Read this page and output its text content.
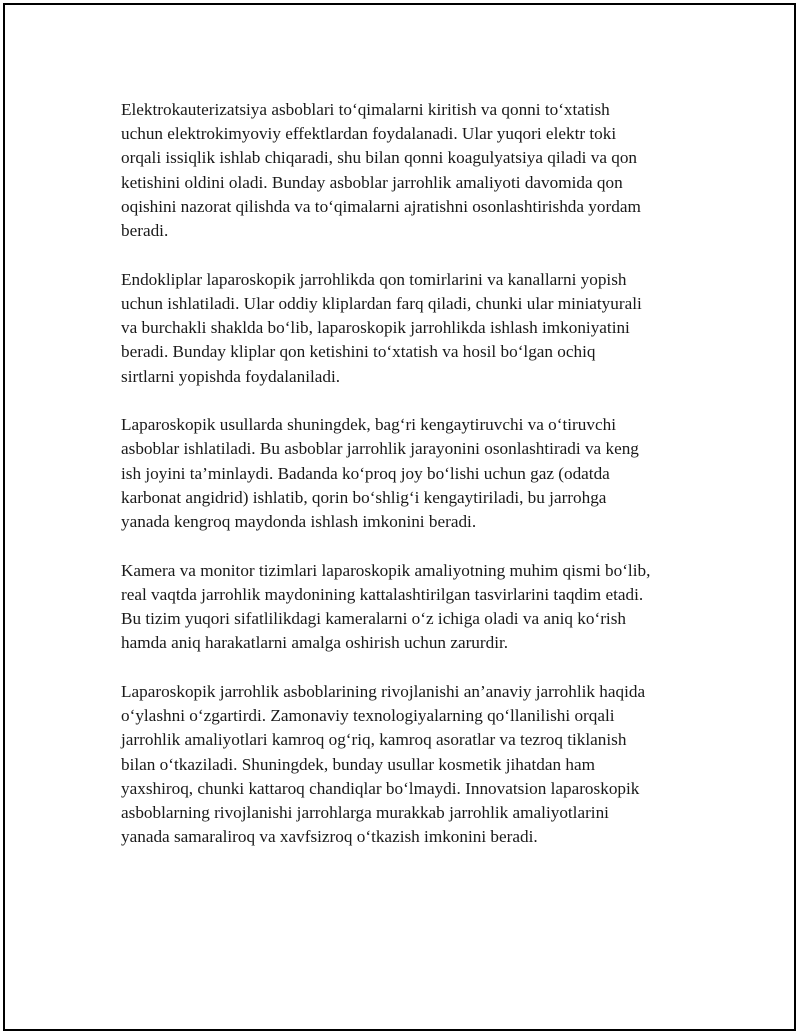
Elektrokauterizatsiya asboblari to‘qimalarni kiritish va qonni to‘xtatish
uchun elektrokimyoviy effektlardan foydalanadi. Ular yuqori elektr toki
orqali issiqlik ishlab chiqaradi, shu bilan qonni koagulyatsiya qiladi va qon
ketishini oldini oladi. Bunday asboblar jarrohlik amaliyoti davomida qon
oqishini nazorat qilishda va to‘qimalarni ajratishni osonlashtirishda yordam
beradi.

Endokliplar laparoskopik jarrohlikda qon tomirlarini va kanallarni yopish
uchun ishlatiladi. Ular oddiy kliplardan farq qiladi, chunki ular miniatyurali
va burchakli shaklda bo‘lib, laparoskopik jarrohlikda ishlash imkoniyatini
beradi. Bunday kliplar qon ketishini to‘xtatish va hosil bo‘lgan ochiq
sirtlarni yopishda foydalaniladi.

Laparoskopik usullarda shuningdek, bag‘ri kengaytiruvchi va o‘tiruvchi
asboblar ishlatiladi. Bu asboblar jarrohlik jarayonini osonlashtiradi va keng
ish joyini ta’minlaydi. Badanda ko‘proq joy bo‘lishi uchun gaz (odatda
karbonat angidrid) ishlatib, qorin bo‘shlig‘i kengaytiriladi, bu jarrohga
yanada kengroq maydonda ishlash imkonini beradi.

Kamera va monitor tizimlari laparoskopik amaliyotning muhim qismi bo‘lib,
real vaqtda jarrohlik maydonining kattalashtirilgan tasvirlarini taqdim etadi.
Bu tizim yuqori sifatlilikdagi kameralarni o‘z ichiga oladi va aniq ko‘rish
hamda aniq harakatlarni amalga oshirish uchun zarurdir.

Laparoskopik jarrohlik asboblarining rivojlanishi an’anaviy jarrohlik haqida
o‘ylashni o‘zgartirdi. Zamonaviy texnologiyalarning qo‘llanilishi orqali
jarrohlik amaliyotlari kamroq og‘riq, kamroq asoratlar va tezroq tiklanish
bilan o‘tkaziladi. Shuningdek, bunday usullar kosmetik jihatdan ham
yaxshiroq, chunki kattaroq chandiqlar bo‘lmaydi. Innovatsion laparoskopik
asboblarning rivojlanishi jarrohlarga murakkab jarrohlik amaliyotlarini
yanada samaraliroq va xavfsizroq o‘tkazish imkonini beradi.
